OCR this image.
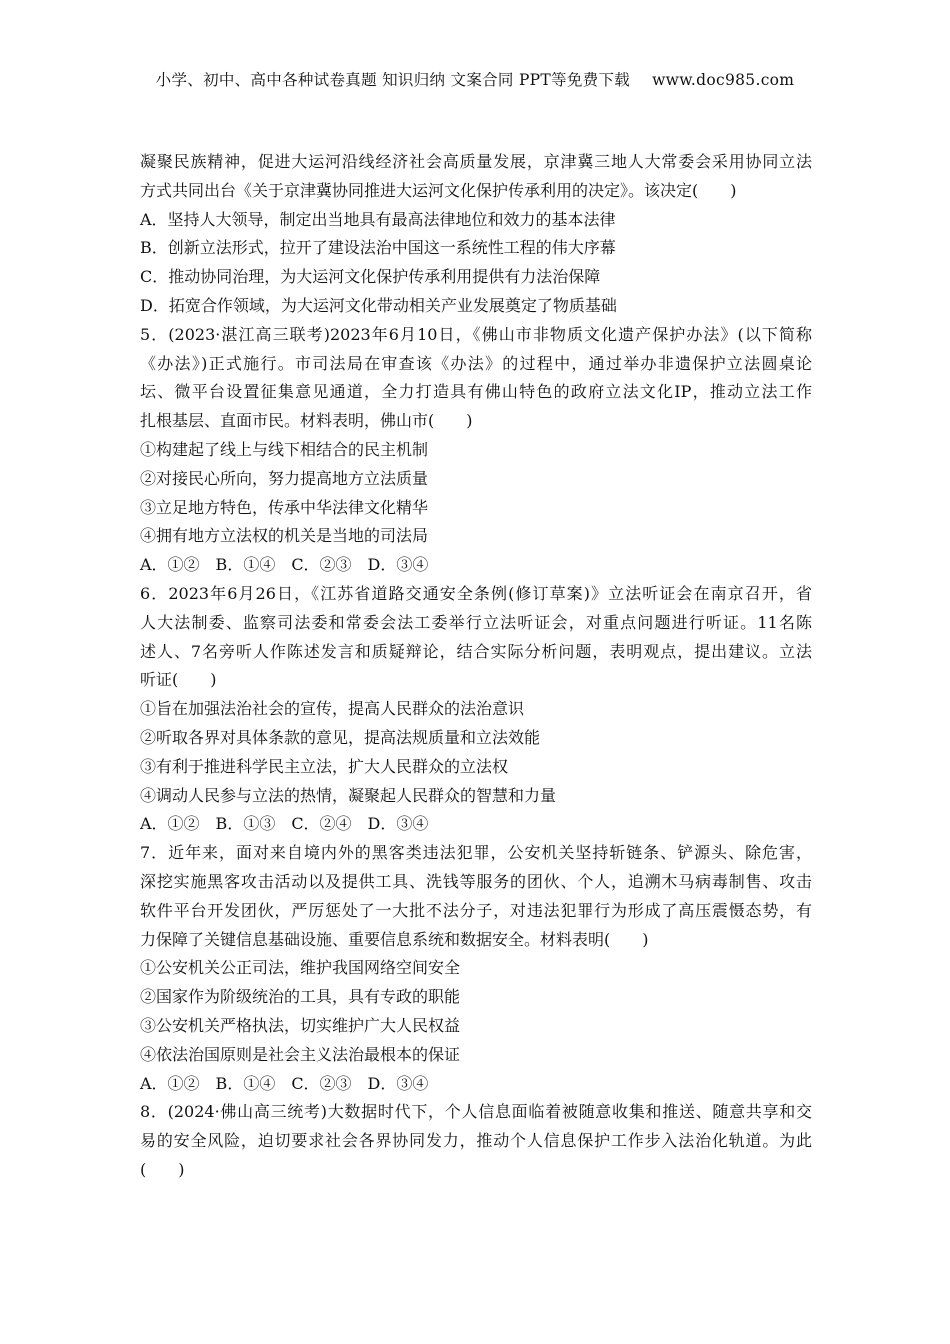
小学、初中、高中各种试卷真题 知识归纳 文案合同 PPT等免费下载 www.doc985.com
凝聚民族精神，促进大运河沿线经济社会高质量发展，京津冀三地人大常委会采用协同立法
方式共同出台《关于京津冀协同推进大运河文化保护传承利用的决定》。该决定(　　)
A．坚持人大领导，制定出当地具有最高法律地位和效力的基本法律
B．创新立法形式，拉开了建设法治中国这一系统性工程的伟大序幕
C．推动协同治理，为大运河文化保护传承利用提供有力法治保障
D．拓宽合作领域，为大运河文化带动相关产业发展奠定了物质基础
5．(2023·湛江高三联考)2023年6月10日，《佛山市非物质文化遗产保护办法》(以下简称
《办法》)正式施行。市司法局在审查该《办法》的过程中，通过举办非遗保护立法圆桌论
坛、微平台设置征集意见通道，全力打造具有佛山特色的政府立法文化IP，推动立法工作
扎根基层、直面市民。材料表明，佛山市(　　)
①构建起了线上与线下相结合的民主机制
②对接民心所向，努力提高地方立法质量
③立足地方特色，传承中华法律文化精华
④拥有地方立法权的机关是当地的司法局
A．①②　B．①④　C．②③　D．③④
6．2023年6月26日，《江苏省道路交通安全条例(修订草案)》立法听证会在南京召开，省
人大法制委、监察司法委和常委会法工委举行立法听证会，对重点问题进行听证。11名陈
述人、7名旁听人作陈述发言和质疑辩论，结合实际分析问题，表明观点，提出建议。立法
听证(　　)
①旨在加强法治社会的宣传，提高人民群众的法治意识
②听取各界对具体条款的意见，提高法规质量和立法效能
③有利于推进科学民主立法，扩大人民群众的立法权
④调动人民参与立法的热情，凝聚起人民群众的智慧和力量
A．①②　B．①③　C．②④　D．③④
7．近年来，面对来自境内外的黑客类违法犯罪，公安机关坚持斩链条、铲源头、除危害，
深挖实施黑客攻击活动以及提供工具、洗钱等服务的团伙、个人，追溯木马病毒制售、攻击
软件平台开发团伙，严厉惩处了一大批不法分子，对违法犯罪行为形成了高压震慑态势，有
力保障了关键信息基础设施、重要信息系统和数据安全。材料表明(　　)
①公安机关公正司法，维护我国网络空间安全
②国家作为阶级统治的工具，具有专政的职能
③公安机关严格执法，切实维护广大人民权益
④依法治国原则是社会主义法治最根本的保证
A．①②　B．①④　C．②③　D．③④
8．(2024·佛山高三统考)大数据时代下，个人信息面临着被随意收集和推送、随意共享和交
易的安全风险，迫切要求社会各界协同发力，推动个人信息保护工作步入法治化轨道。为此
(　　)
